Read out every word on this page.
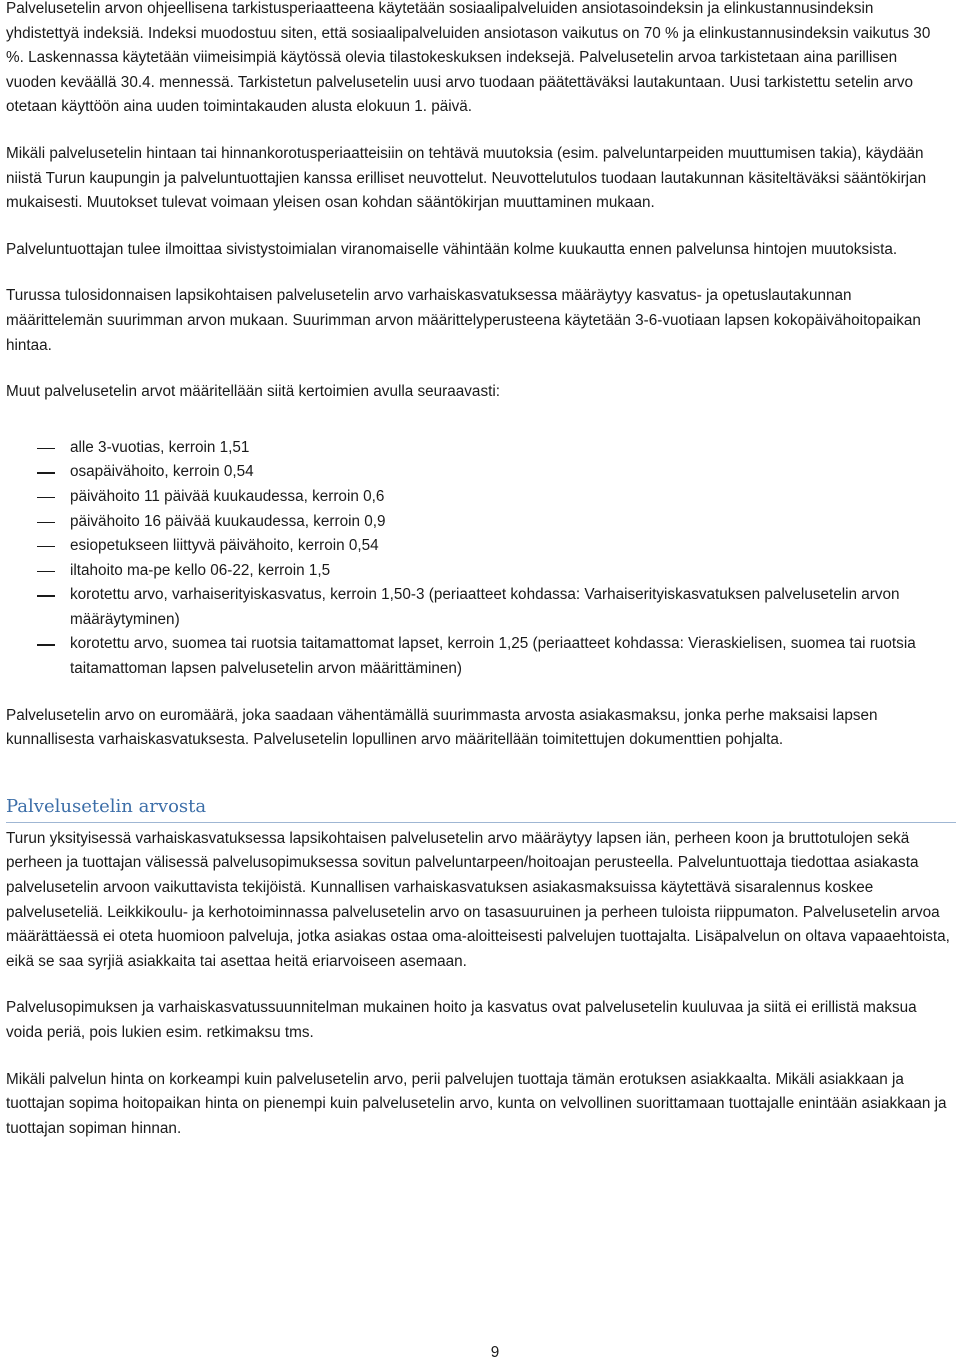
Palvelusetelin arvon ohjeellisena tarkistusperiaatteena käytetään sosiaalipalveluiden ansiotasoindeksin ja elinkustannusindeksin yhdistettyä indeksiä. Indeksi muodostuu siten, että sosiaalipalveluiden ansiotason vaikutus on 70 % ja elinkustannusindeksin vaikutus 30 %. Laskennassa käytetään viimeisimpiä käytössä olevia tilastokeskuksen indeksejä. Palvelusetelin arvoa tarkistetaan aina parillisen vuoden keväällä 30.4. mennessä. Tarkistetun palvelusetelin uusi arvo tuodaan päätettäväksi lautakuntaan. Uusi tarkistettu setelin arvo otetaan käyttöön aina uuden toimintakauden alusta elokuun 1. päivä.

Mikäli palvelusetelin hintaan tai hinnankorotusperiaatteisiin on tehtävä muutoksia (esim. palveluntarpeiden muuttumisen takia), käydään niistä Turun kaupungin ja palveluntuottajien kanssa erilliset neuvottelut. Neuvottelutulos tuodaan lautakunnan käsiteltäväksi sääntökirjan mukaisesti. Muutokset tulevat voimaan yleisen osan kohdan sääntökirjan muuttaminen mukaan.

Palveluntuottajan tulee ilmoittaa sivistystoimialan viranomaiselle vähintään kolme kuukautta ennen palvelunsa hintojen muutoksista.

Turussa tulosidonnaisen lapsikohtaisen palvelusetelin arvo varhaiskasvatuksessa määräytyy kasvatus- ja opetuslautakunnan määrittelemän suurimman arvon mukaan. Suurimman arvon määrittelyperusteena käytetään 3-6-vuotiaan lapsen kokopäivähoitopaikan hintaa.

Muut palvelusetelin arvot määritellään siitä kertoimien avulla seuraavasti:

alle 3-vuotias, kerroin 1,51
osapäivähoito, kerroin 0,54
päivähoito 11 päivää kuukaudessa, kerroin 0,6
päivähoito 16 päivää kuukaudessa, kerroin 0,9
esiopetukseen liittyvä päivähoito, kerroin 0,54
iltahoito ma-pe kello 06-22, kerroin 1,5
korotettu arvo, varhaiserityiskasvatus, kerroin 1,50-3 (periaatteet kohdassa: Varhaiserityiskasvatuksen palvelusetelin arvon määräytyminen)
korotettu arvo, suomea tai ruotsia taitamattomat lapset, kerroin 1,25 (periaatteet kohdassa: Vieraskielisen, suomea tai ruotsia taitamattoman lapsen palvelusetelin arvon määrittäminen)

Palvelusetelin arvo on euromäärä, joka saadaan vähentämällä suurimmasta arvosta asiakasmaksu, jonka perhe maksaisi lapsen kunnallisesta varhaiskasvatuksesta. Palvelusetelin lopullinen arvo määritellään toimitettujen dokumenttien pohjalta.

Palvelusetelin arvosta

Turun yksityisessä varhaiskasvatuksessa lapsikohtaisen palvelusetelin arvo määräytyy lapsen iän, perheen koon ja bruttotulojen sekä perheen ja tuottajan välisessä palvelusopimuksessa sovitun palveluntarpeen/hoitoajan perusteella. Palveluntuottaja tiedottaa asiakasta palvelusetelin arvoon vaikuttavista tekijöistä. Kunnallisen varhaiskasvatuksen asiakasmaksuissa käytettävä sisaralennus koskee palveluseteliä. Leikkikoulu- ja kerhotoiminnassa palvelusetelin arvo on tasasuuruinen ja perheen tuloista riippumaton. Palvelusetelin arvoa määrättäessä ei oteta huomioon palveluja, jotka asiakas ostaa oma-aloitteisesti palvelujen tuottajalta. Lisäpalvelun on oltava vapaaehtoista, eikä se saa syrjiä asiakkaita tai asettaa heitä eriarvoiseen asemaan.

Palvelusopimuksen ja varhaiskasvatussuunnitelman mukainen hoito ja kasvatus ovat palvelusetelin kuuluvaa ja siitä ei erillistä maksua voida periä, pois lukien esim. retkimaksu tms.

Mikäli palvelun hinta on korkeampi kuin palvelusetelin arvo, perii palvelujen tuottaja tämän erotuksen asiakkaalta. Mikäli asiakkaan ja tuottajan sopima hoitopaikan hinta on pienempi kuin palvelusetelin arvo, kunta on velvollinen suorittamaan tuottajalle enintään asiakkaan ja tuottajan sopiman hinnan.

9
